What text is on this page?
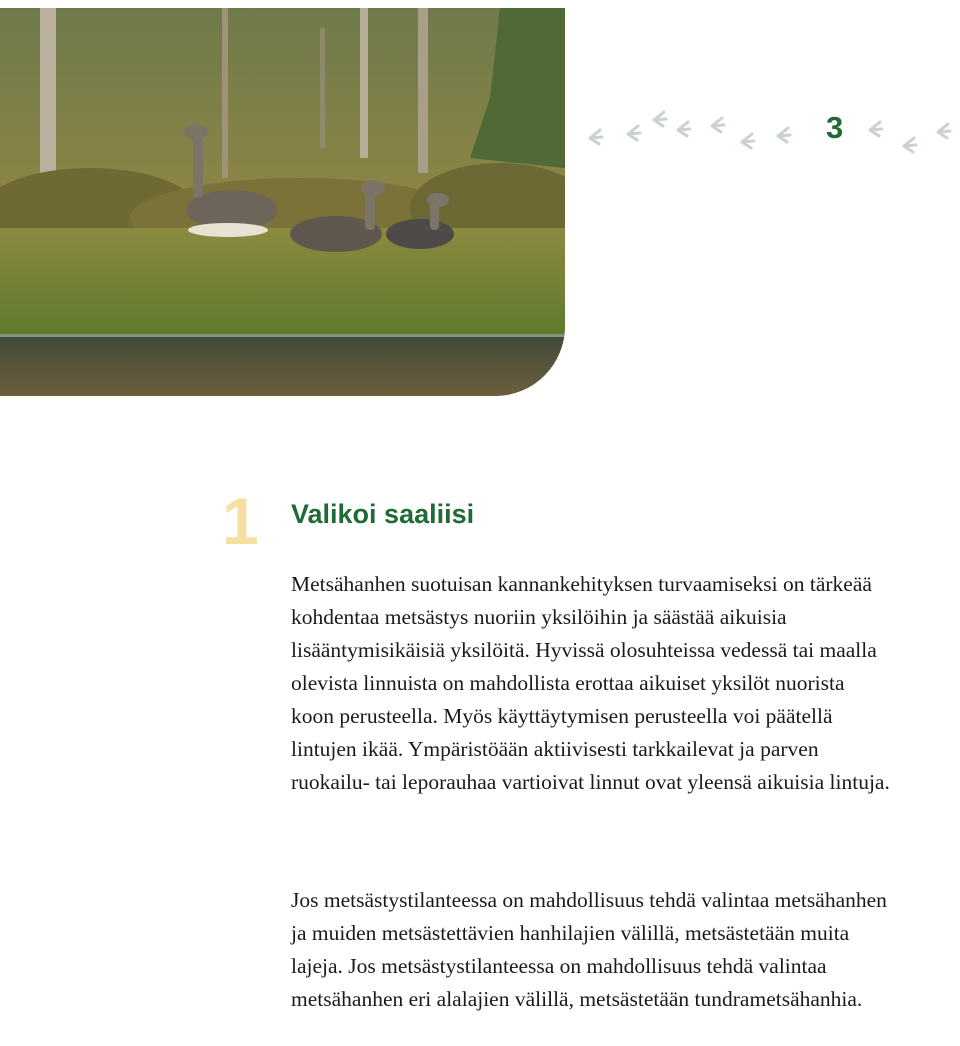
3
1 Valikoi saaliisi

Metsähanhen suotuisan kannankehityksen turvaamiseksi on tärkeää kohdentaa metsästys nuoriin yksilöihin ja säästää aikuisia lisääntymisikäisiä yksilöitä. Hyvissä olosuhteissa vedessä tai maalla olevista linnuista on mahdollista erottaa aikuiset yksilöt nuorista koon perusteella. Myös käyttäytymisen perusteella voi päätellä lintujen ikää. Ympäristöään aktiivisesti tarkkailevat ja parven ruokailu- tai leporauhaa vartioivat linnut ovat yleensä aikuisia lintuja.

Jos metsästystilanteessa on mahdollisuus tehdä valintaa metsähanhen ja muiden metsästettävien hanhilajien välillä, metsästetään muita lajeja. Jos metsästystilanteessa on mahdollisuus tehdä valintaa metsähanhen eri alalajien välillä, metsästetään tundrametsähanhia.
